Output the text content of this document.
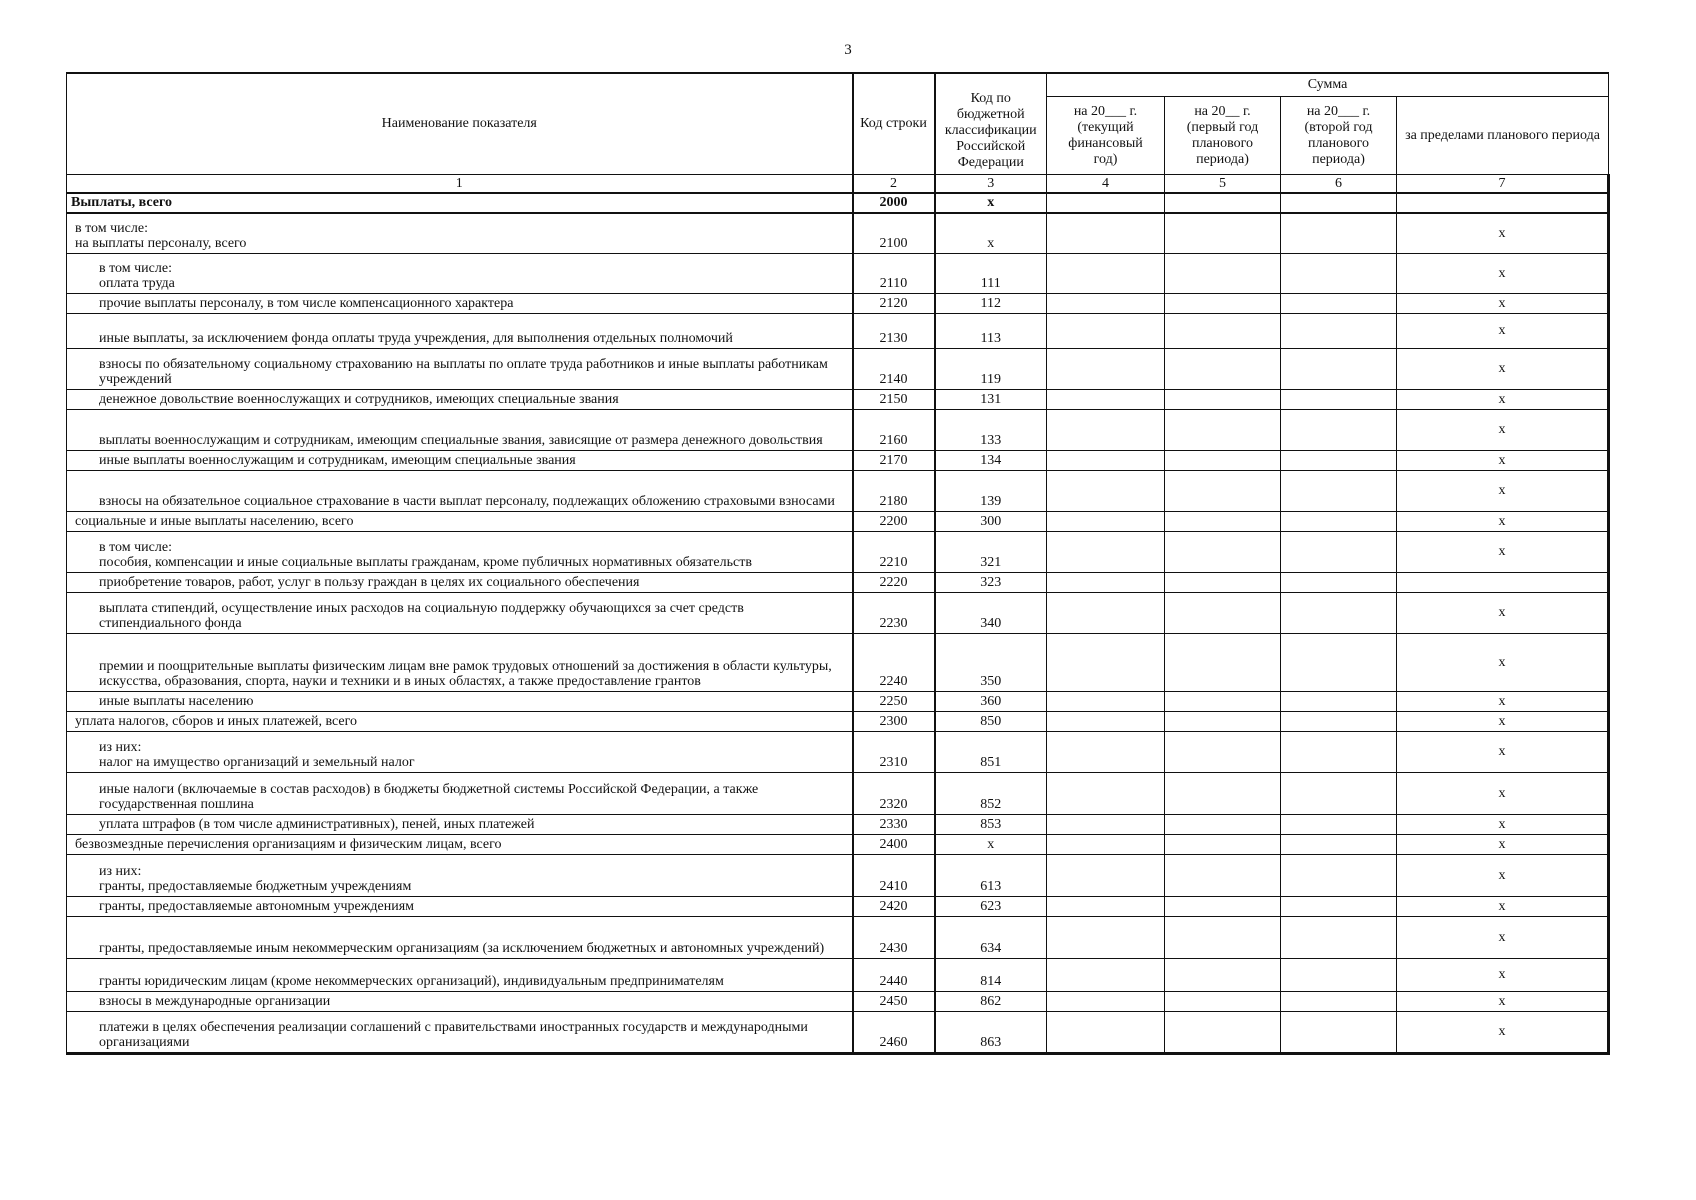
3
Наименование показателя	Код строки	Код по бюджетной классификации Российской Федерации	Сумма			
			на 20___ г. (текущий финансовый год)	на 20__ г. (первый год планового периода)	на 20___ г. (второй год планового периода)	за пределами планового периода
1	2	3	4	5	6	7
Выплаты, всего	2000	x				

в том числе:
на выплаты персоналу, всего	2100	x				x

в том числе:
оплата труда	2110	111				x
прочие выплаты персоналу, в том числе компенсационного характера	2120	112				x
иные выплаты, за исключением фонда оплаты труда учреждения, для выполнения отдельных полномочий	2130	113				x
взносы по обязательному социальному страхованию на выплаты по оплате труда работников и иные выплаты работникам учреждений	2140	119				x
денежное довольствие военнослужащих и сотрудников, имеющих специальные звания	2150	131				x
выплаты военнослужащим и сотрудникам, имеющим специальные звания, зависящие от размера денежного довольствия	2160	133				x
иные выплаты военнослужащим и сотрудникам, имеющим специальные звания	2170	134				x
взносы на обязательное социальное страхование в части выплат персоналу, подлежащих обложению страховыми взносами	2180	139				x
социальные и иные выплаты населению, всего	2200	300				x

в том числе:
пособия, компенсации и иные социальные выплаты гражданам, кроме публичных нормативных обязательств	2210	321				x
приобретение товаров, работ, услуг в пользу граждан в целях их социального обеспечения	2220	323				
выплата стипендий, осуществление иных расходов на социальную поддержку обучающихся за счет средств стипендиального фонда	2230	340				x
премии и поощрительные выплаты физическим лицам вне рамок трудовых отношений за достижения в области культуры, искусства, образования, спорта, науки и техники и в иных областях, а также предоставление грантов	2240	350				x
иные выплаты населению	2250	360				x
уплата налогов, сборов и иных платежей, всего	2300	850				x

из них:
налог на имущество организаций и земельный налог	2310	851				x
иные налоги (включаемые в состав расходов) в бюджеты бюджетной системы Российской Федерации, а также государственная пошлина	2320	852				x
уплата штрафов (в том числе административных), пеней, иных платежей	2330	853				x
безвозмездные перечисления организациям и физическим лицам, всего	2400	x				x

из них:
гранты, предоставляемые бюджетным учреждениям	2410	613				x
гранты, предоставляемые автономным учреждениям	2420	623				x
гранты, предоставляемые иным некоммерческим организациям (за исключением бюджетных и автономных учреждений)	2430	634				x
гранты юридическим лицам (кроме некоммерческих организаций), индивидуальным предпринимателям	2440	814				x
взносы в международные организации	2450	862				x
платежи в целях обеспечения реализации соглашений с правительствами иностранных государств и международными организациями	2460	863				x
